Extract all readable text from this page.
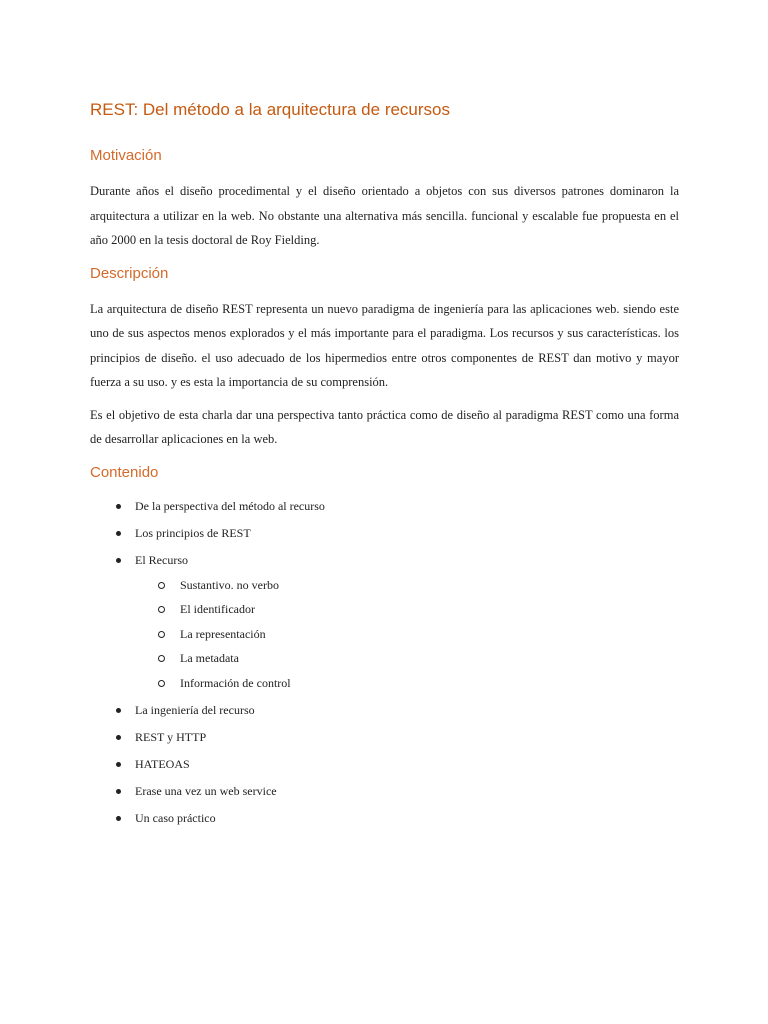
REST: Del método a la arquitectura de recursos
Motivación

Durante años el diseño procedimental y el diseño orientado a objetos con sus diversos patrones dominaron la arquitectura a utilizar en la web. No obstante una alternativa más sencilla. funcional y escalable fue propuesta en el año 2000 en la tesis doctoral de Roy Fielding.

Descripción

La arquitectura de diseño REST representa un nuevo paradigma de ingeniería para las aplicaciones web. siendo este uno de sus aspectos menos explorados y el más importante para el paradigma. Los recursos y sus características. los principios de diseño. el uso adecuado de los hipermedios entre otros componentes de REST dan motivo y mayor fuerza a su uso. y es esta la importancia de su comprensión.

Es el objetivo de esta charla dar una perspectiva tanto práctica como de diseño al paradigma REST como una forma de desarrollar aplicaciones en la web.

Contenido
De la perspectiva del método al recurso
Los principios de REST
El Recurso
Sustantivo. no verbo
El identificador
La representación
La metadata
Información de control
La ingeniería del recurso
REST y HTTP
HATEOAS
Erase una vez un web service
Un caso práctico
